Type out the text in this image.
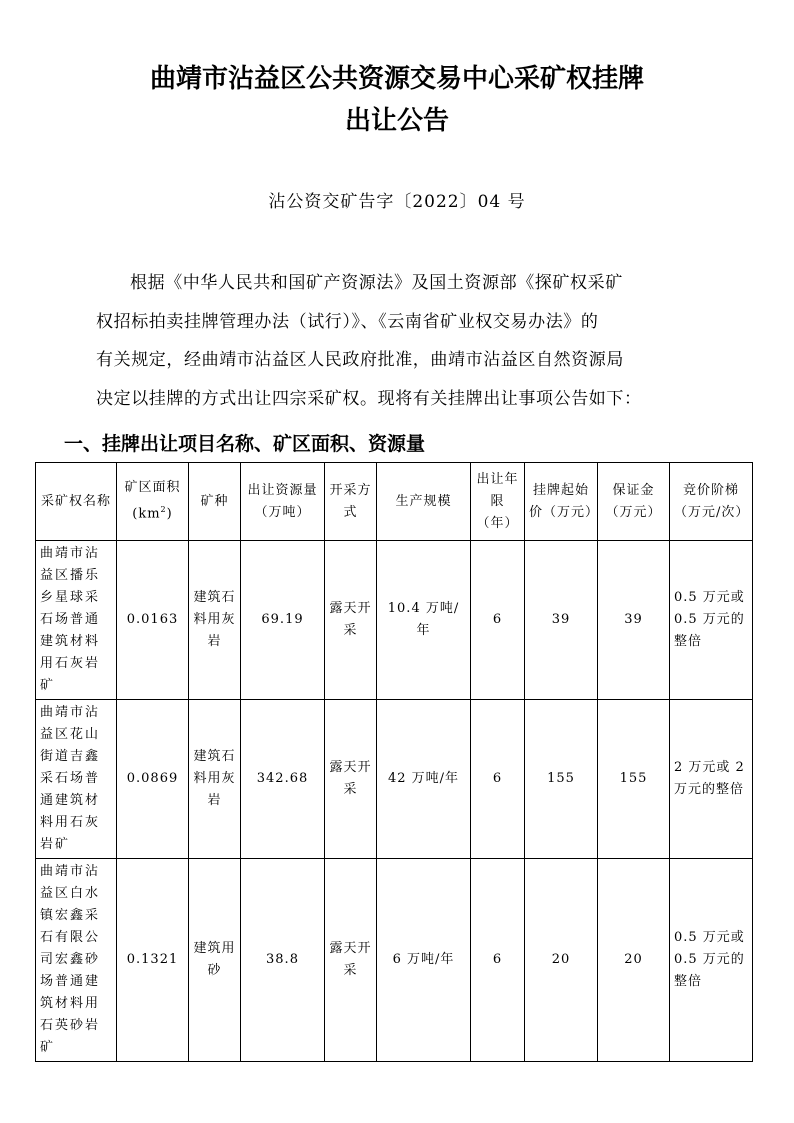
曲靖市沾益区公共资源交易中心采矿权挂牌
出让公告
沾公资交矿告字〔2022〕04 号

根据《中华人民共和国矿产资源法》及国土资源部《探矿权采矿
权招标拍卖挂牌管理办法（试行）》、《云南省矿业权交易办法》的
有关规定，经曲靖市沾益区人民政府批准，曲靖市沾益区自然资源局
决定以挂牌的方式出让四宗采矿权。现将有关挂牌出让事项公告如下：

一、挂牌出让项目名称、矿区面积、资源量
采矿权名称	矿区面积$(km^2)$	矿种	出让资源量（万吨）	开采方式	生产规模	出让年限（年）	挂牌起始价（万元）	保证金（万元）	竞价阶梯（万元/次）
曲靖市沾益区播乐乡星球采石场普通建筑材料用石灰岩矿	0.0163	建筑石料用灰岩	69.19	露天开采	10.4 万吨/年	6	39	39	0.5 万元或 0.5 万元的整倍
曲靖市沾益区花山街道吉鑫采石场普通建筑材料用石灰岩矿	0.0869	建筑石料用灰岩	342.68	露天开采	42 万吨/年	6	155	155	2 万元或 2 万元的整倍
曲靖市沾益区白水镇宏鑫采石有限公司宏鑫砂场普通建筑材料用石英砂岩矿	0.1321	建筑用砂	38.8	露天开采	6 万吨/年	6	20	20	0.5 万元或 0.5 万元的整倍
